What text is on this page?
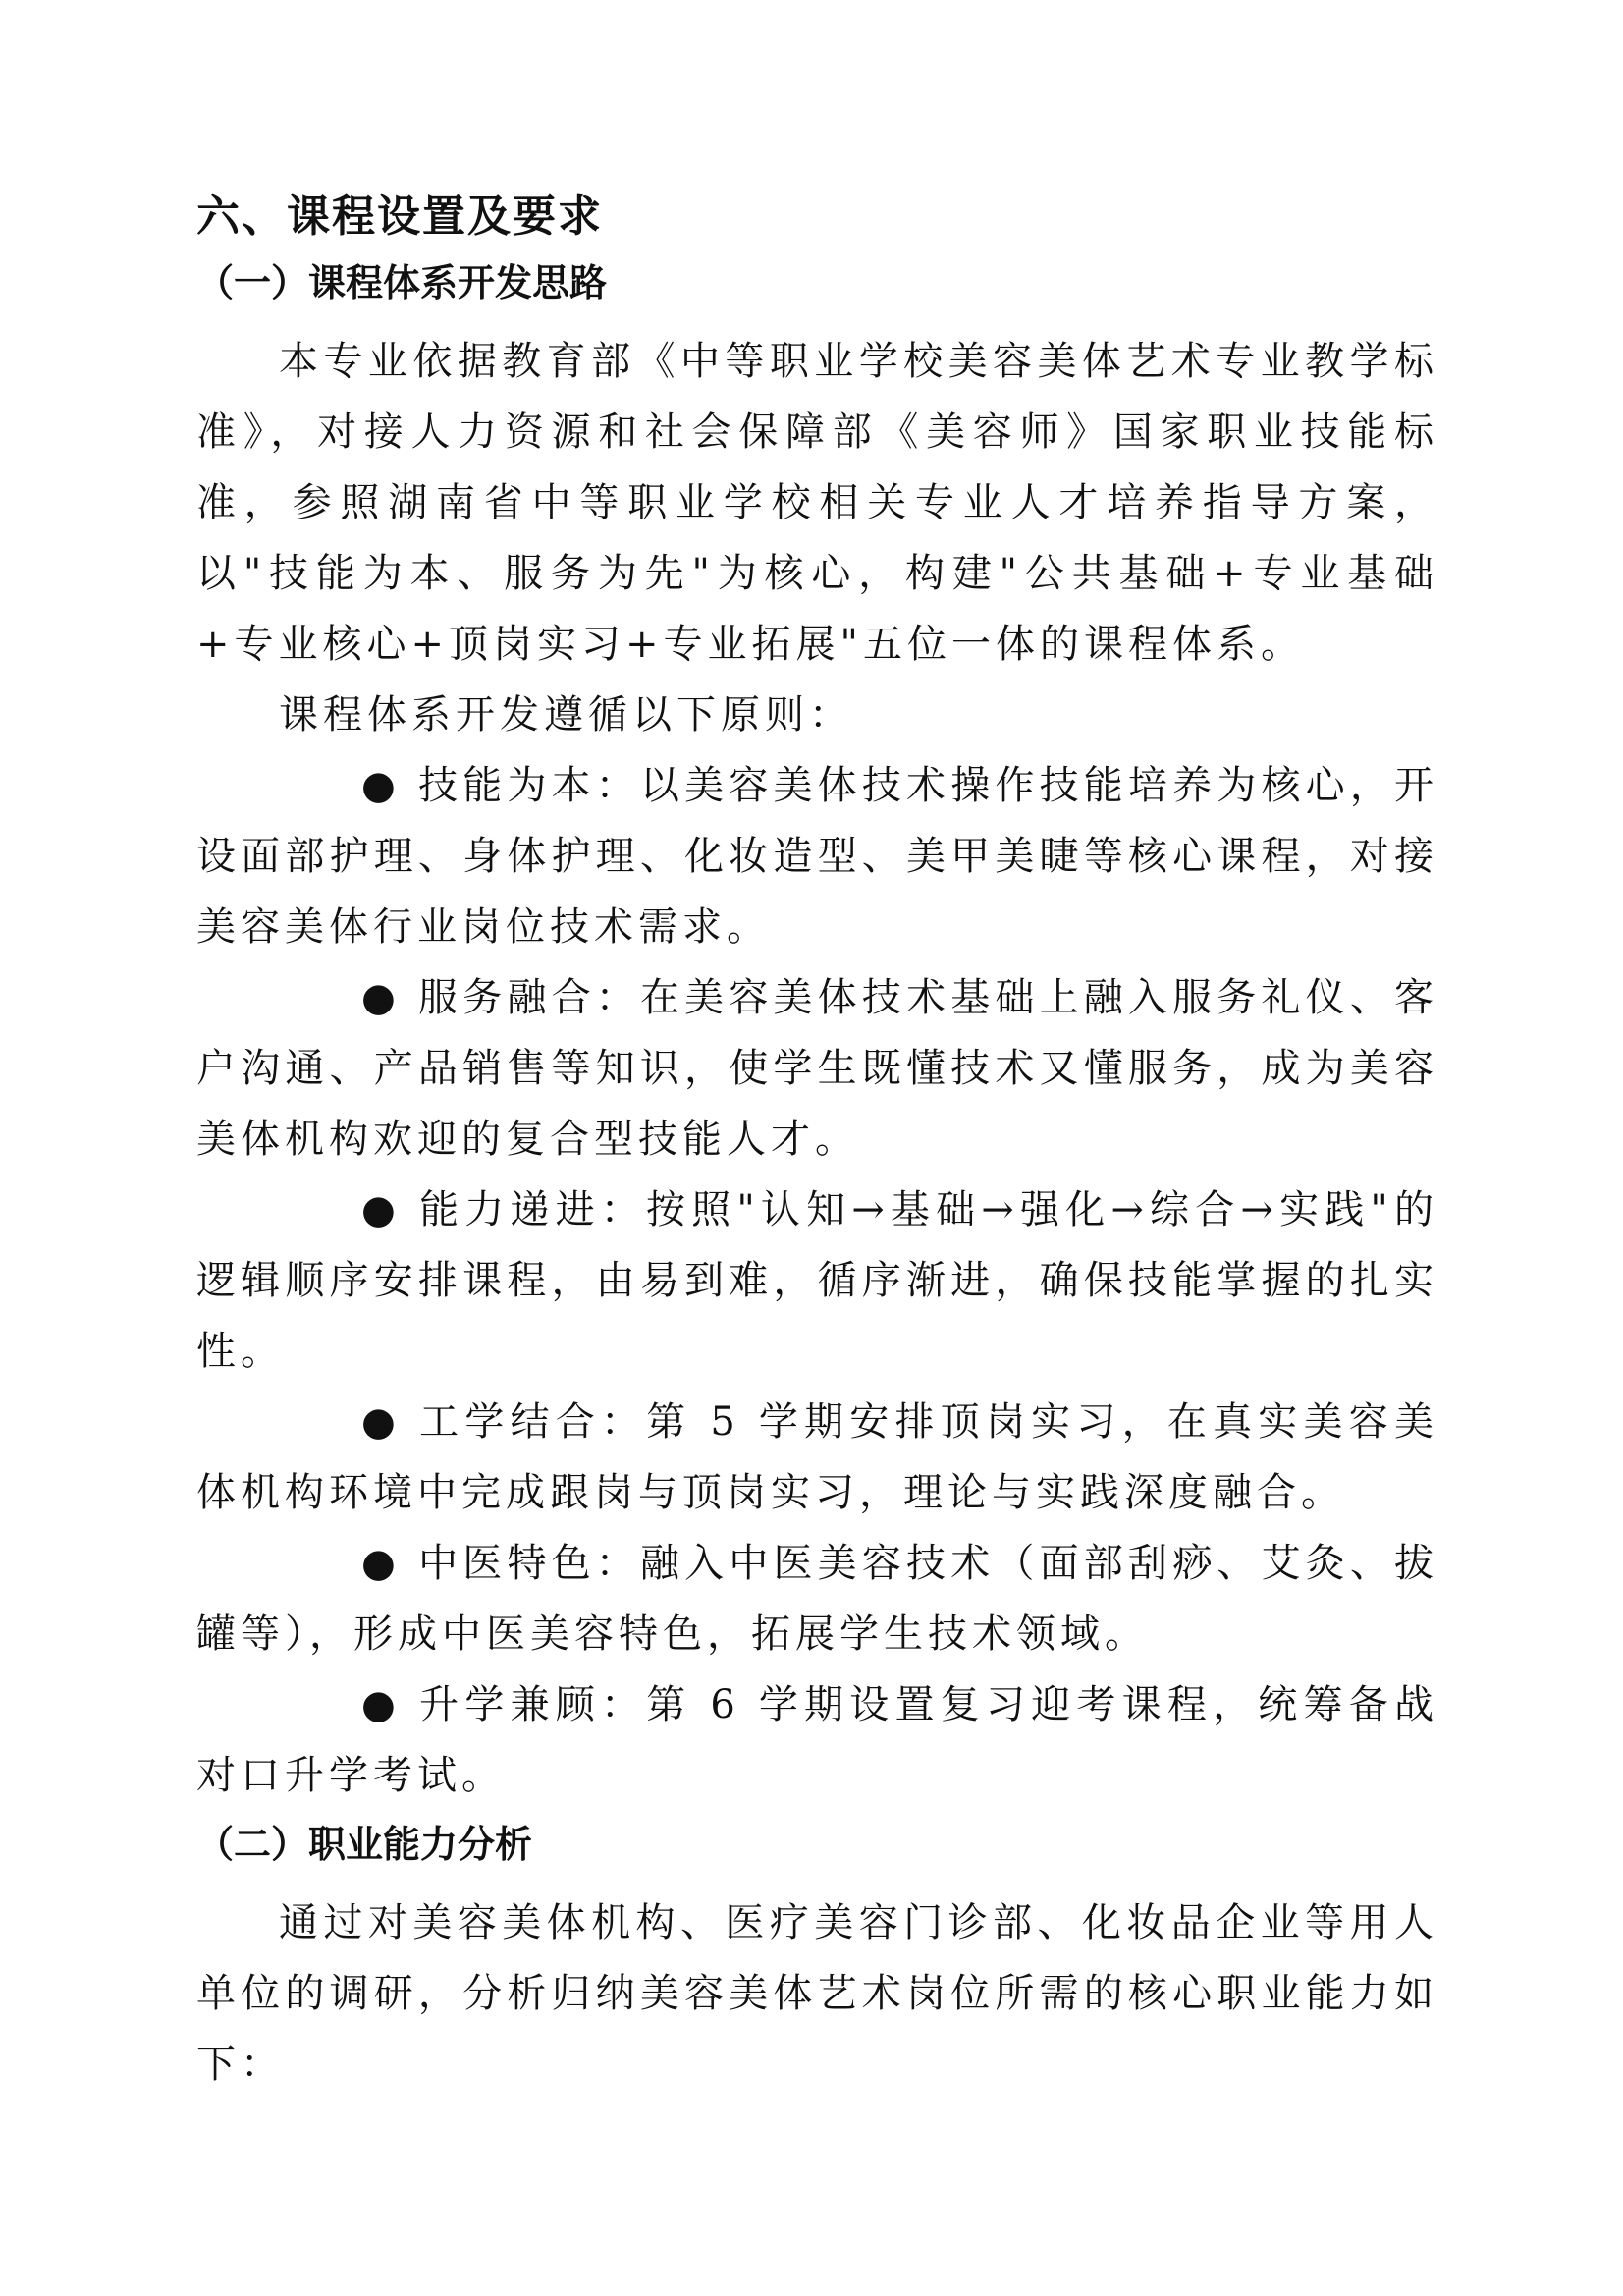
六、课程设置及要求
（一）课程体系开发思路

本专业依据教育部《中等职业学校美容美体艺术专业教学标准》，对接人力资源和社会保障部《美容师》国家职业技能标准，参照湖南省中等职业学校相关专业人才培养指导方案，以"技能为本、服务为先"为核心，构建"公共基础+专业基础+专业核心+顶岗实习+专业拓展"五位一体的课程体系。

课程体系开发遵循以下原则：

● 技能为本：以美容美体技术操作技能培养为核心，开设面部护理、身体护理、化妆造型、美甲美睫等核心课程，对接美容美体行业岗位技术需求。

● 服务融合：在美容美体技术基础上融入服务礼仪、客户沟通、产品销售等知识，使学生既懂技术又懂服务，成为美容美体机构欢迎的复合型技能人才。

● 能力递进：按照"认知→基础→强化→综合→实践"的逻辑顺序安排课程，由易到难，循序渐进，确保技能掌握的扎实性。

● 工学结合：第 5 学期安排顶岗实习，在真实美容美体机构环境中完成跟岗与顶岗实习，理论与实践深度融合。

● 中医特色：融入中医美容技术（面部刮痧、艾灸、拔罐等），形成中医美容特色，拓展学生技术领域。

● 升学兼顾：第 6 学期设置复习迎考课程，统筹备战对口升学考试。

（二）职业能力分析

通过对美容美体机构、医疗美容门诊部、化妆品企业等用人单位的调研，分析归纳美容美体艺术岗位所需的核心职业能力如下：
